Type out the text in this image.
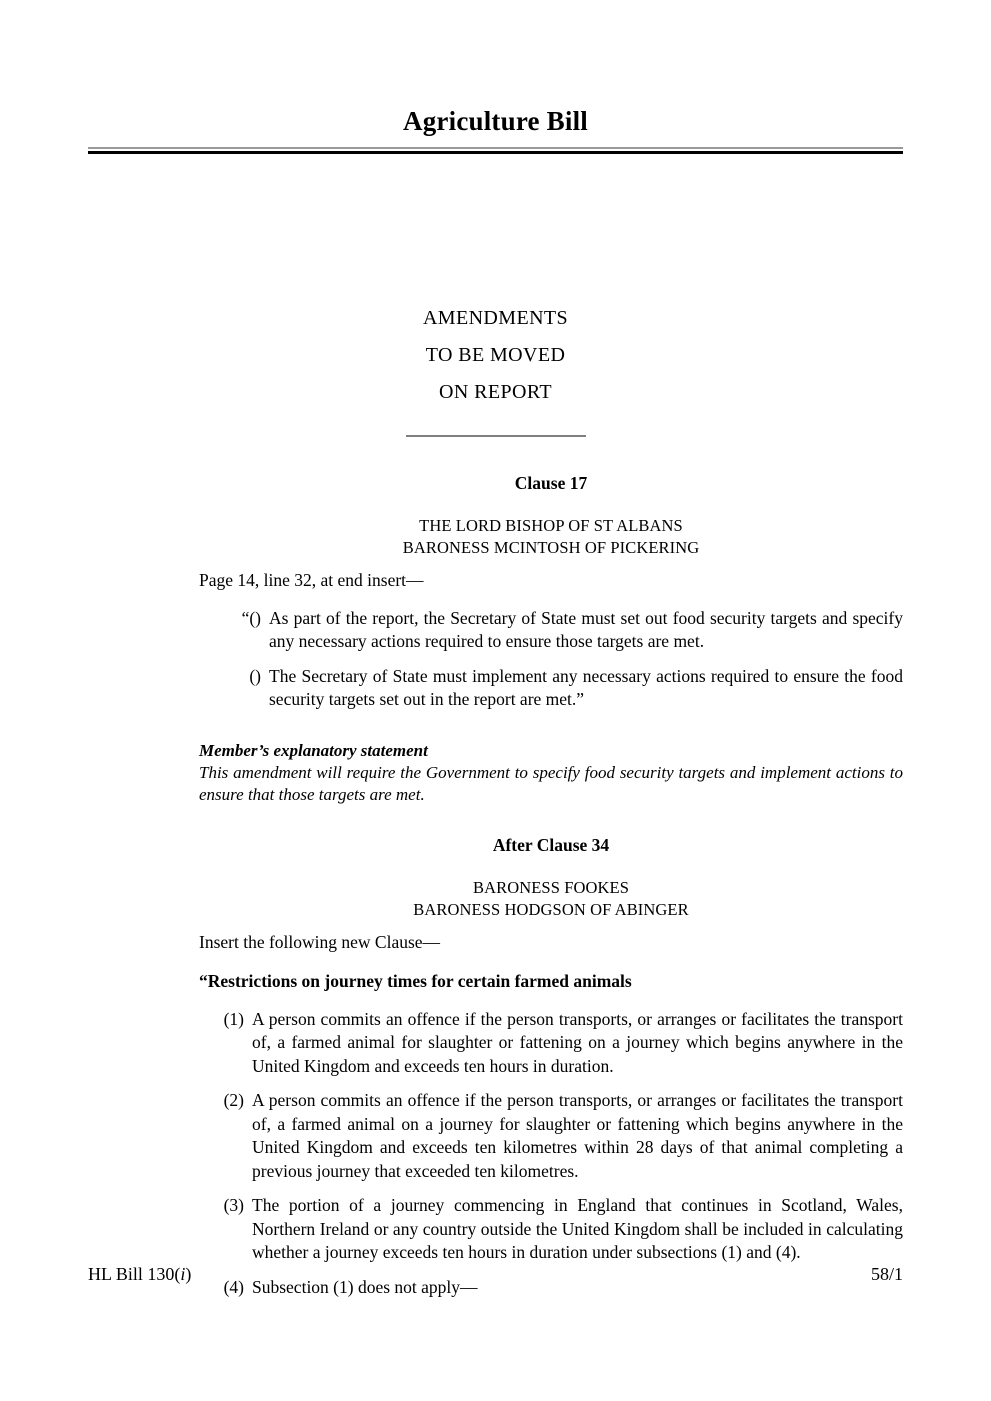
Agriculture Bill
AMENDMENTS
TO BE MOVED
ON REPORT
Clause 17
THE LORD BISHOP OF ST ALBANS
BARONESS MCINTOSH OF PICKERING
Page 14, line 32, at end insert—
“() As part of the report, the Secretary of State must set out food security targets and specify any necessary actions required to ensure those targets are met.
() The Secretary of State must implement any necessary actions required to ensure the food security targets set out in the report are met.”
Member’s explanatory statement
This amendment will require the Government to specify food security targets and implement actions to ensure that those targets are met.
After Clause 34
BARONESS FOOKES
BARONESS HODGSON OF ABINGER
Insert the following new Clause—
“Restrictions on journey times for certain farmed animals
(1) A person commits an offence if the person transports, or arranges or facilitates the transport of, a farmed animal for slaughter or fattening on a journey which begins anywhere in the United Kingdom and exceeds ten hours in duration.
(2) A person commits an offence if the person transports, or arranges or facilitates the transport of, a farmed animal on a journey for slaughter or fattening which begins anywhere in the United Kingdom and exceeds ten kilometres within 28 days of that animal completing a previous journey that exceeded ten kilometres.
(3) The portion of a journey commencing in England that continues in Scotland, Wales, Northern Ireland or any country outside the United Kingdom shall be included in calculating whether a journey exceeds ten hours in duration under subsections (1) and (4).
(4) Subsection (1) does not apply—
HL Bill 130(i)	58/1
